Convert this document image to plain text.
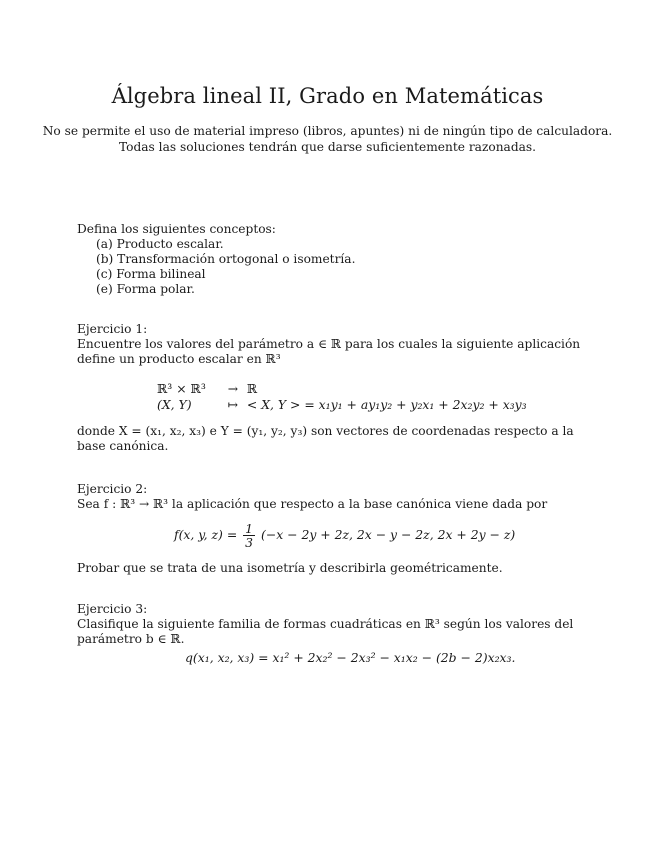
Álgebra lineal II, Grado en Matemáticas
No se permite el uso de material impreso (libros, apuntes) ni de ningún tipo de calculadora.
Todas las soluciones tendrán que darse suficientemente razonadas.
Defina los siguientes conceptos:
(a) Producto escalar.
(b) Transformación ortogonal o isometría.
(c) Forma bilineal
(e) Forma polar.
Ejercicio 1:
Encuentre los valores del parámetro a ∈ ℝ para los cuales la siguiente aplicación define un producto escalar en ℝ³
ℝ³ × ℝ³ → ℝ
(X, Y)	↦ < X, Y > = x₁y₁ + ay₁y₂ + y₂x₁ + 2x₂y₂ + x₃y₃
donde X = (x₁, x₂, x₃) e Y = (y₁, y₂, y₃) son vectores de coordenadas respecto a la base canónica.
Ejercicio 2:
Sea f : ℝ³ → ℝ³ la aplicación que respecto a la base canónica viene dada por
f(x, y, $z) = \frac{1}{3} (-x - 2y + 2z$, 2x − y − 2z, 2x + 2y − z)
Probar que se trata de una isometría y describirla geométricamente.
Ejercicio 3:
Clasifique la siguiente familia de formas cuadráticas en ℝ³ según los valores del parámetro b ∈ ℝ.
q(x₁, x₂, x₃) = x₁² + 2x₂² − 2x₃² − x₁x₂ − (2b − 2)x₂x₃.
